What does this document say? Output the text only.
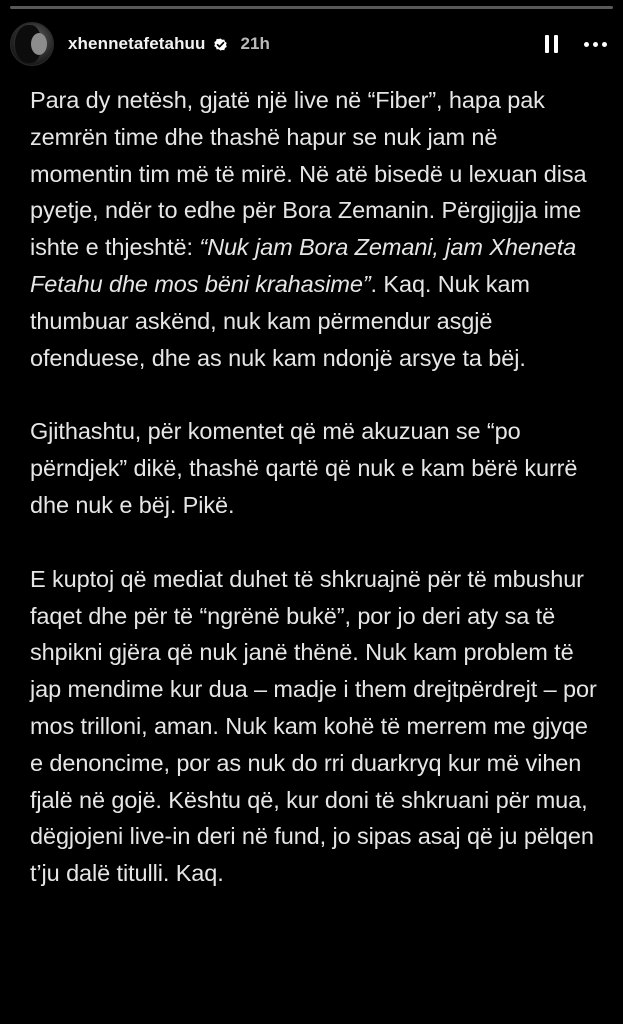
xhennetafetahuu 21h

Para dy netësh, gjatë një live në “Fiber”, hapa pak zemrën time dhe thashë hapur se nuk jam në momentin tim më të mirë. Në atë bisedë u lexuan disa pyetje, ndër to edhe për Bora Zemanin. Përgjigjja ime ishte e thjeshtë: “Nuk jam Bora Zemani, jam Xheneta Fetahu dhe mos bëni krahasime”. Kaq. Nuk kam thumbuar askënd, nuk kam përmendur asgjë ofenduese, dhe as nuk kam ndonjë arsye ta bëj.

Gjithashtu, për komentet që më akuzuan se “po përndjek” dikë, thashë qartë që nuk e kam bërë kurrë dhe nuk e bëj. Pikë.

E kuptoj që mediat duhet të shkruajnë për të mbushur faqet dhe për të “ngrënë bukë”, por jo deri aty sa të shpikni gjëra që nuk janë thënë. Nuk kam problem të jap mendime kur dua – madje i them drejtpërdrejt – por mos trilloni, aman. Nuk kam kohë të merrem me gjyqe e denoncime, por as nuk do rri duarkryq kur më vihen fjalë në gojë. Kështu që, kur doni të shkruani për mua, dëgjojeni live-in deri në fund, jo sipas asaj që ju pëlqen t’ju dalë titulli. Kaq.
